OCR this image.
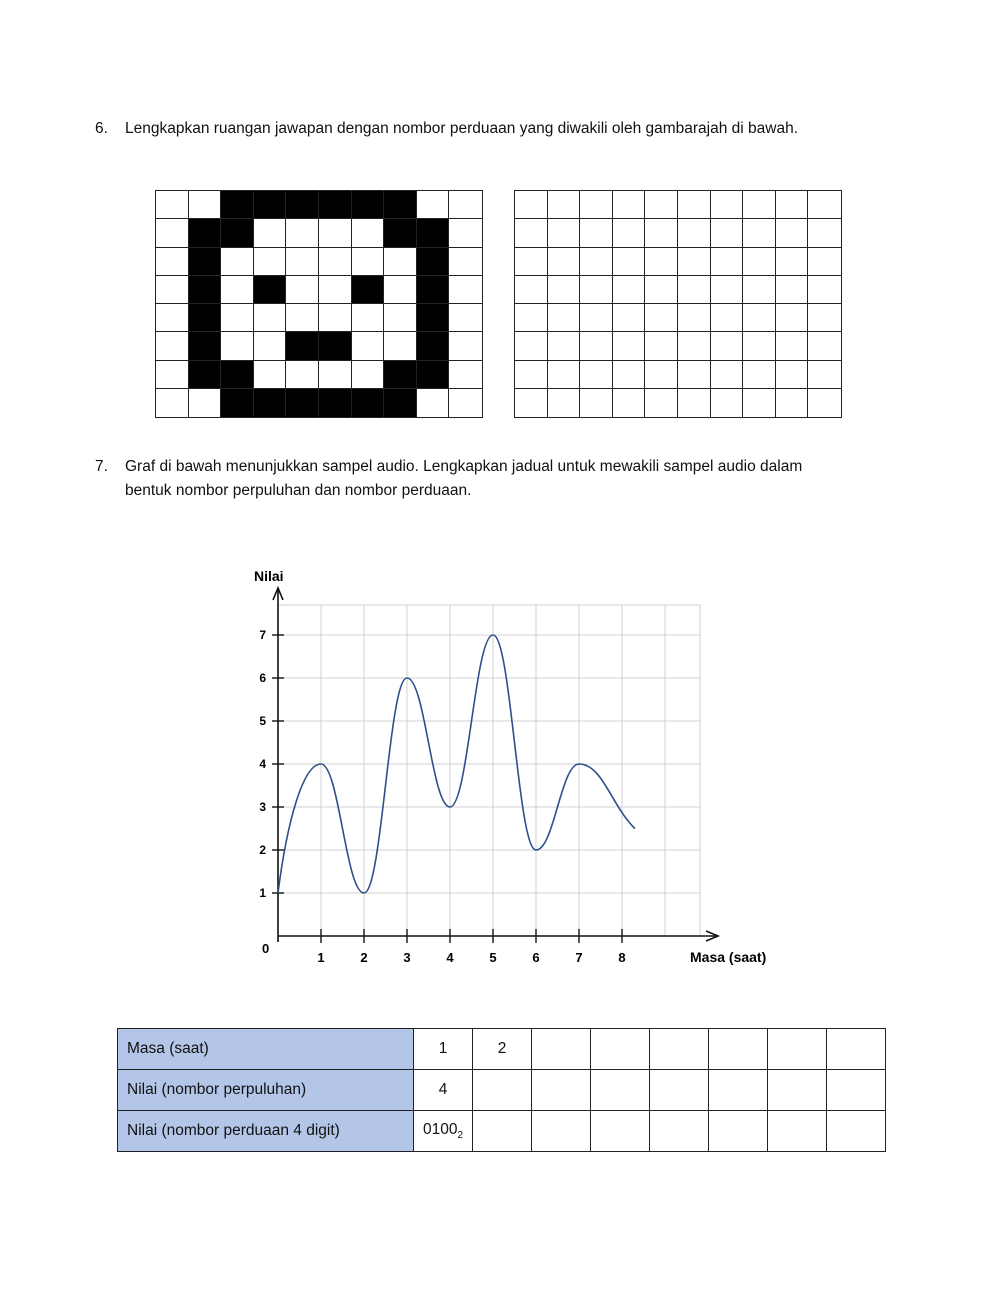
6. Lengkapkan ruangan jawapan dengan nombor perduaan yang diwakili oleh gambarajah di bawah.
7. Graf di bawah menunjukkan sampel audio. Lengkapkan jadual untuk mewakili sampel audio dalam
bentuk nombor perpuluhan dan nombor perduaan.
1	2	3	4	5	6	7	8
1
2
3
4
5
6
7
Nilai
Masa (saat)
0
Masa (saat)	1	2						
Nilai (nombor perpuluhan)	4							
Nilai (nombor perduaan 4 digit)	$0100_2$							
